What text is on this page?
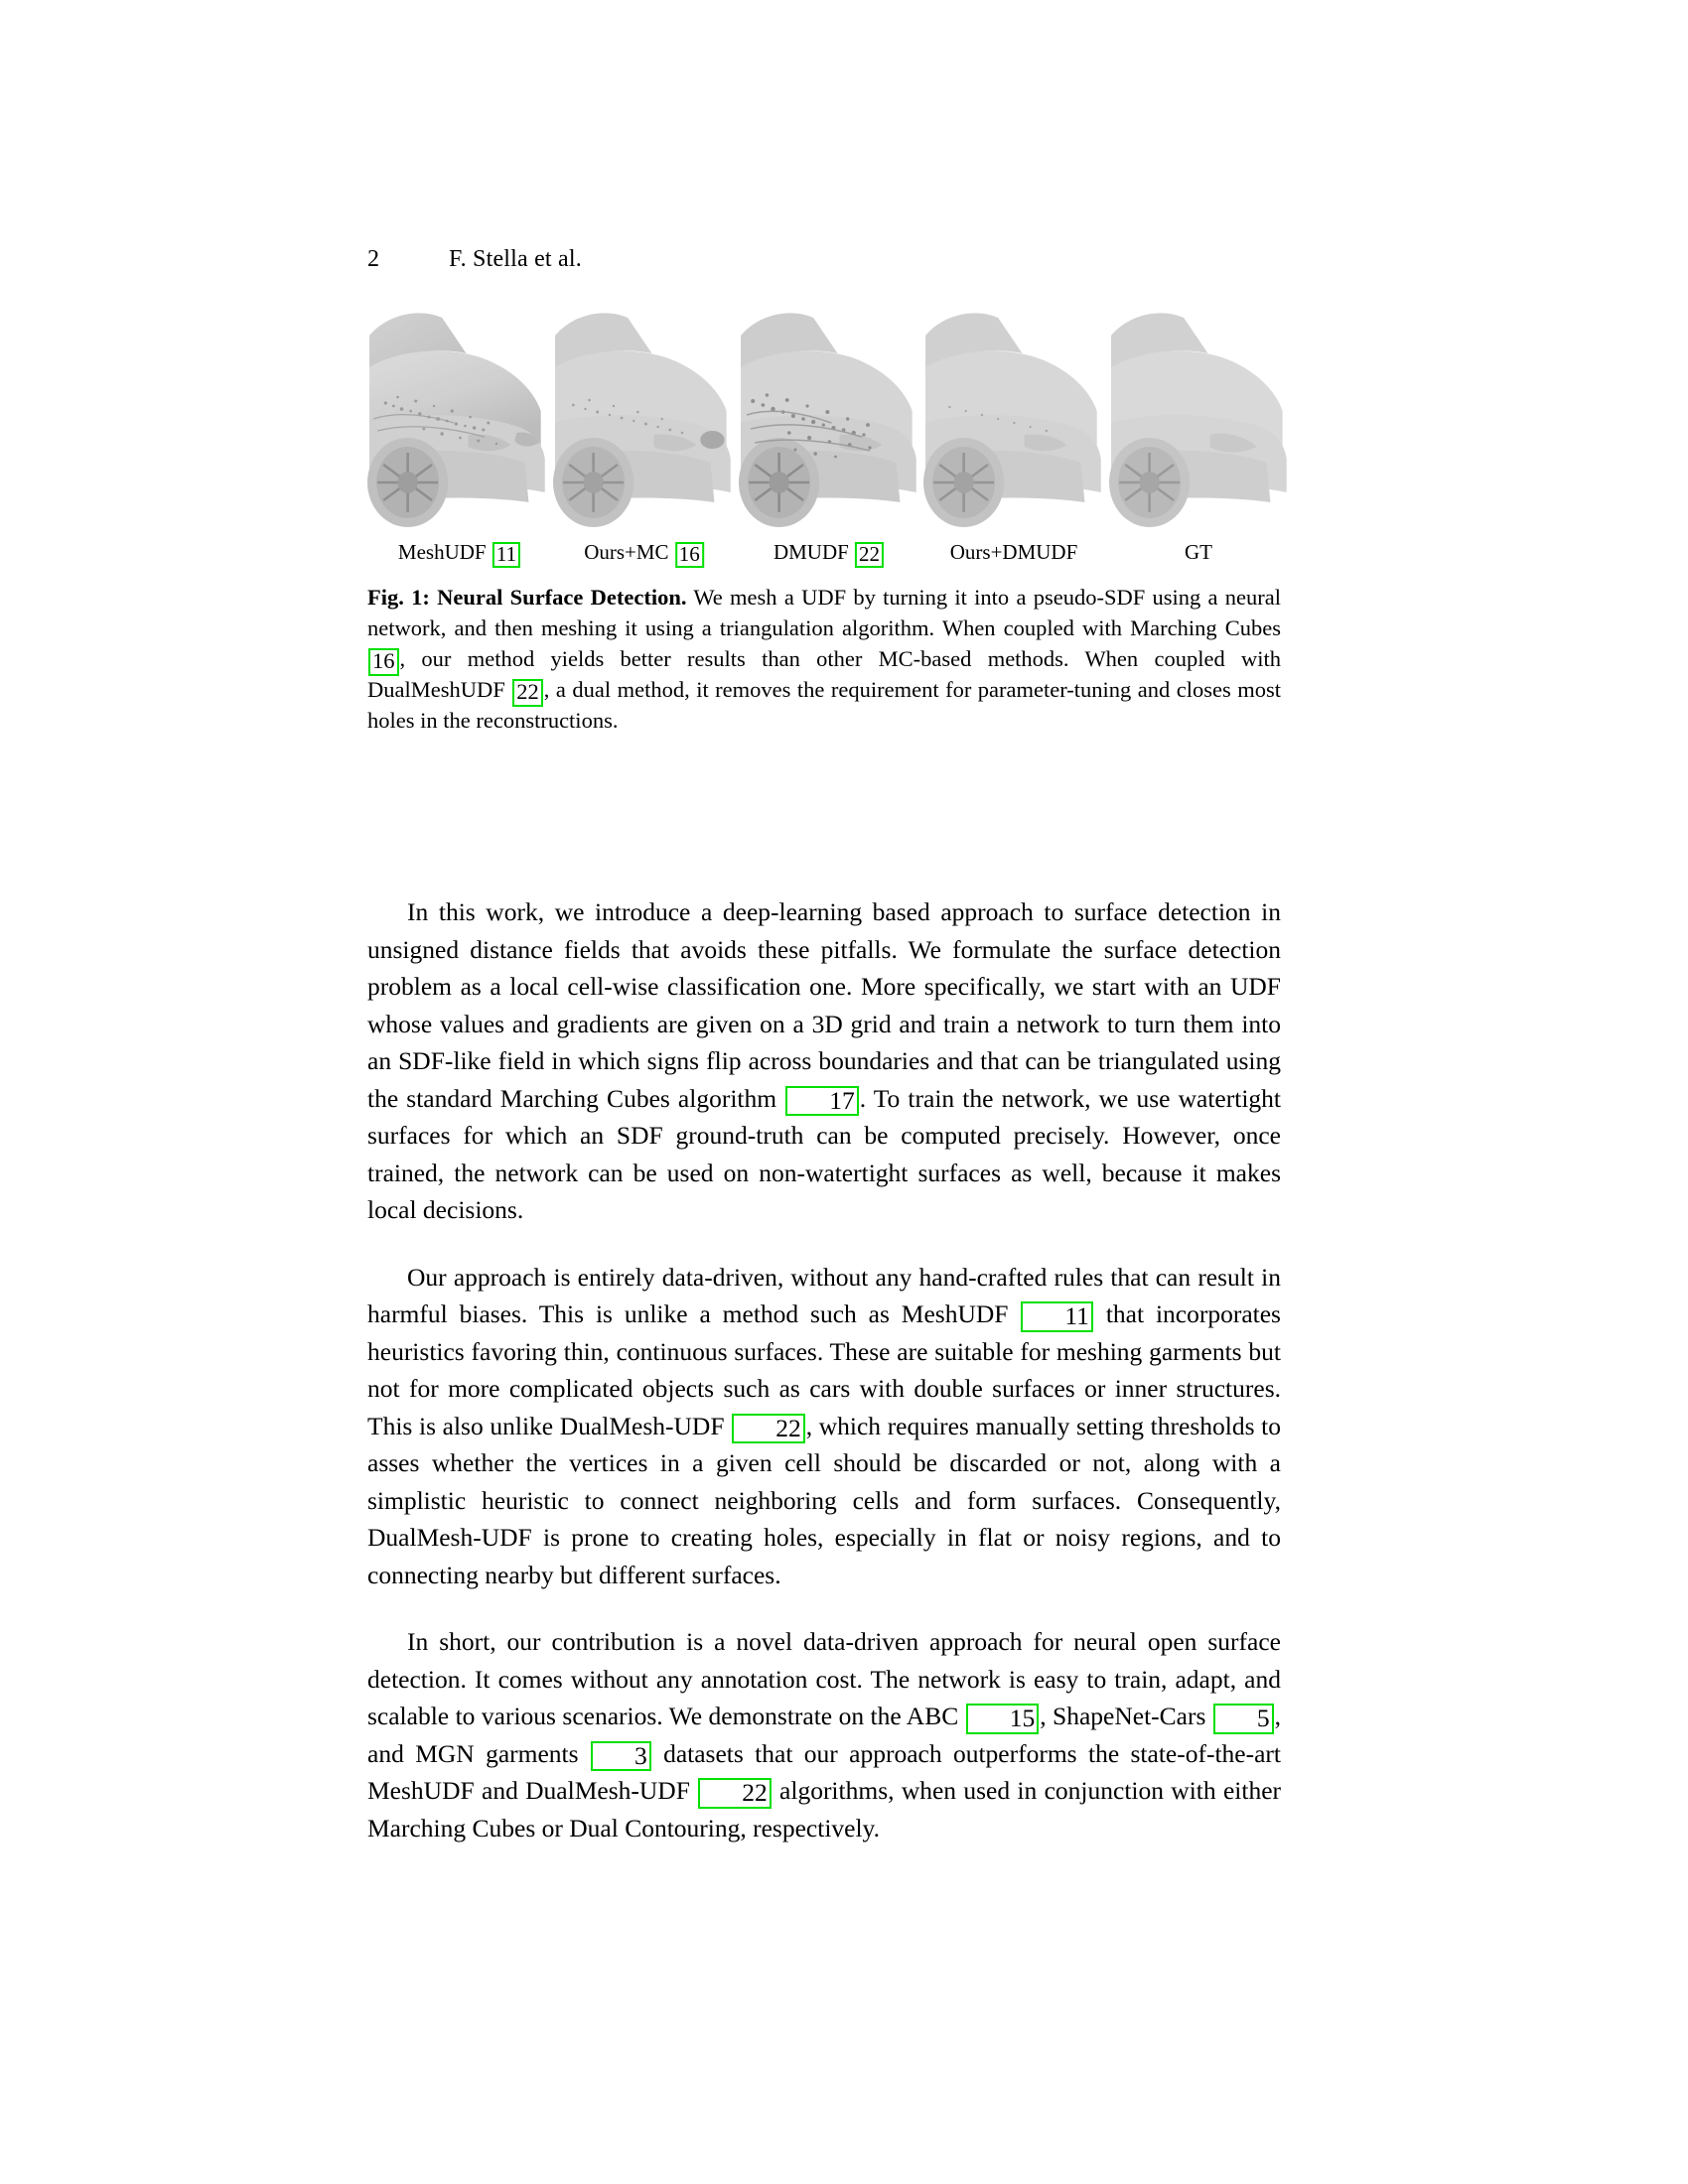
2	F. Stella et al.
MeshUDF 11	Ours+MC 16	DMUDF 22	Ours+DMUDF	GT
Fig. 1: Neural Surface Detection. We mesh a UDF by turning it into a pseudo-SDF using a neural network, and then meshing it using a triangulation algorithm. When coupled with Marching Cubes 16 , our method yields better results than other MC-based methods. When coupled with DualMeshUDF 22 , a dual method, it removes the requirement for parameter-tuning and closes most holes in the reconstructions.

In this work, we introduce a deep-learning based approach to surface detection in unsigned distance fields that avoids these pitfalls. We formulate the surface detection problem as a local cell-wise classification one. More specifically, we start with an UDF whose values and gradients are given on a 3D grid and train a network to turn them into an SDF-like field in which signs flip across boundaries and that can be triangulated using the standard Marching Cubes algorithm 17 . To train the network, we use watertight surfaces for which an SDF ground-truth can be computed precisely. However, once trained, the network can be used on non-watertight surfaces as well, because it makes local decisions.

Our approach is entirely data-driven, without any hand-crafted rules that can result in harmful biases. This is unlike a method such as MeshUDF 11 that incorporates heuristics favoring thin, continuous surfaces. These are suitable for meshing garments but not for more complicated objects such as cars with double surfaces or inner structures. This is also unlike DualMesh-UDF 22 , which requires manually setting thresholds to asses whether the vertices in a given cell should be discarded or not, along with a simplistic heuristic to connect neighboring cells and form surfaces. Consequently, DualMesh-UDF is prone to creating holes, especially in flat or noisy regions, and to connecting nearby but different surfaces.

In short, our contribution is a novel data-driven approach for neural open surface detection. It comes without any annotation cost. The network is easy to train, adapt, and scalable to various scenarios. We demonstrate on the ABC 15 , ShapeNet-Cars 5 , and MGN garments 3 datasets that our approach outperforms the state-of-the-art MeshUDF and DualMesh-UDF 22 algorithms, when used in conjunction with either Marching Cubes or Dual Contouring, respectively.
